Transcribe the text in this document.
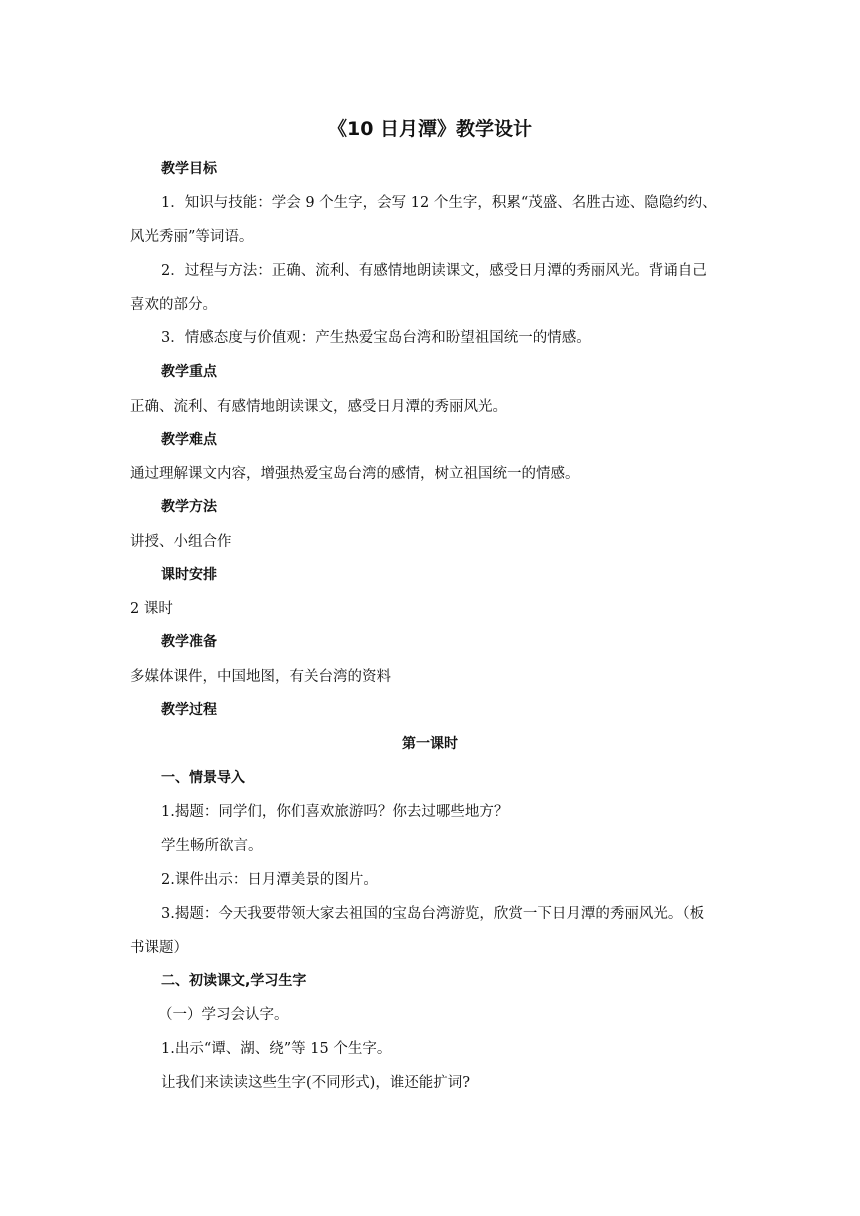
《10 日月潭》教学设计
教学目标
1．知识与技能：学会 9 个生字，会写 12 个生字，积累“茂盛、名胜古迹、隐隐约约、
风光秀丽”等词语。
2．过程与方法：正确、流利、有感情地朗读课文，感受日月潭的秀丽风光。背诵自己
喜欢的部分。
3．情感态度与价值观：产生热爱宝岛台湾和盼望祖国统一的情感。
教学重点
正确、流利、有感情地朗读课文，感受日月潭的秀丽风光。
教学难点
通过理解课文内容，增强热爱宝岛台湾的感情，树立祖国统一的情感。
教学方法
讲授、小组合作
课时安排
2 课时
教学准备
多媒体课件，中国地图，有关台湾的资料
教学过程
第一课时
一、情景导入
1.揭题：同学们，你们喜欢旅游吗？你去过哪些地方？
学生畅所欲言。
2.课件出示：日月潭美景的图片。
3.揭题：今天我要带领大家去祖国的宝岛台湾游览，欣赏一下日月潭的秀丽风光。（板
书课题）
二、初读课文,学习生字
（一）学习会认字。
1.出示“谭、湖、绕”等 15 个生字。
让我们来读读这些生字(不同形式)，谁还能扩词?
